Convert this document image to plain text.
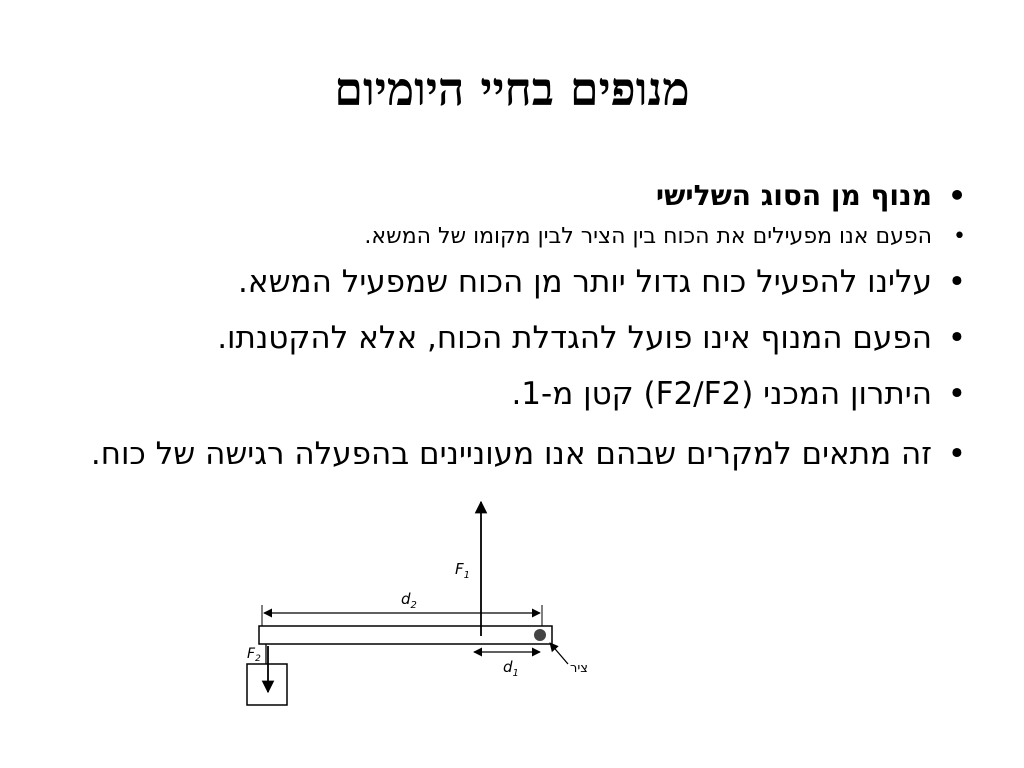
מנופים בחיי היומיום
•
מנוף מן הסוג השלישי
•
הפעם אנו מפעילים את הכוח בין הציר לבין מקומו של המשא.
•
עלינו להפעיל כוח גדול יותר מן הכוח שמפעיל המשא.
•
הפעם המנוף אינו פועל להגדלת הכוח, אלא להקטנתו.
•
היתרון המכני (F2/F2) קטן מ-1.
•
זה מתאים למקרים שבהם אנו מעוניינים בהפעלה רגישה של כוח.
ציר
$F_1$
$d_2$
$d_1$
$F_2$
